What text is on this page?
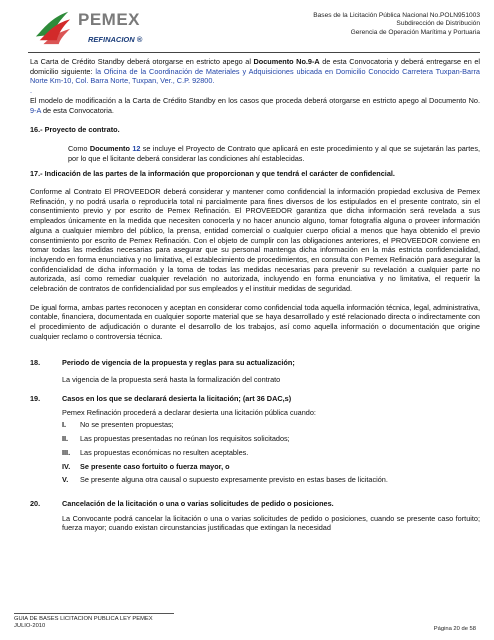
PEMEX
REFINACION ®
Bases de la Licitación Pública Nacional No.POLN951003
Subdirección de Distribución
Gerencia de Operación Marítima y Portuaria

La Carta de Crédito Standby deberá otorgarse en estricto apego al Documento No.9-A de esta Convocatoria y deberá entregarse en el domicilio siguiente: la Oficina de la Coordinación de Materiales y Adquisiciones ubicada en Domicilio Conocido Carretera Tuxpan-Barra Norte Km-10, Col. Barra Norte, Tuxpan, Ver., C.P. 92800.
.

El modelo de modificación a la Carta de Crédito Standby en los casos que proceda deberá otorgarse en estricto apego al Documento No. 9-A de esta Convocatoria.

16.- Proyecto de contrato.

Como Documento 12 se incluye el Proyecto de Contrato que aplicará en este procedimiento y al que se sujetarán las partes, por lo que el licitante deberá considerar las condiciones ahí establecidas.

17.- Indicación de las partes de la información que proporcionan y que tendrá el carácter de confidencial.

Conforme al Contrato El PROVEEDOR deberá considerar y mantener como confidencial la información propiedad exclusiva de Pemex Refinación, y no podrá usarla o reproducirla total ni parcialmente para fines diversos de los estipulados en el presente contrato, sin el consentimiento previo y por escrito de Pemex Refinación. El PROVEEDOR garantiza que dicha información será revelada a sus empleados únicamente en la medida que necesiten conocerla y no hacer anuncio alguno, tomar fotografía alguna o proveer información alguna a cualquier miembro del público, la prensa, entidad comercial o cualquier cuerpo oficial a menos que haya obtenido el previo consentimiento por escrito de Pemex Refinación. Con el objeto de cumplir con las obligaciones anteriores, el PROVEEDOR conviene en tomar todas las medidas necesarias para asegurar que su personal mantenga dicha información en la más estricta confidencialidad, incluyendo en forma enunciativa y no limitativa, el establecimiento de procedimientos, en consulta con Pemex Refinación para asegurar la confidencialidad de dicha información y la toma de todas las medidas necesarias para prevenir su revelación a cualquier parte no autorizada, así como remediar cualquier revelación no autorizada, incluyendo en forma enunciativa y no limitativa, el requerir la celebración de contratos de confidencialidad por sus empleados y el instituir medidas de seguridad.

De igual forma, ambas partes reconocen y aceptan en considerar como confidencial toda aquella información técnica, legal, administrativa, contable, financiera, documentada en cualquier soporte material que se haya desarrollado y esté relacionado directa o indirectamente con el procedimiento de adjudicación o durante el desarrollo de los trabajos, así como aquella información o documentación que origine cualquier reclamo o controversia técnica.

18.	Periodo de vigencia de la propuesta y reglas para su actualización;

La vigencia de la propuesta será hasta la formalización del contrato

19.	Casos en los que se declarará desierta la licitación; (art 36 DAC,s)

Pemex Refinación procederá a declarar desierta una licitación pública cuando:

I.	No se presenten propuestas;
II.	Las propuestas presentadas no reúnan los requisitos solicitados;
III.	Las propuestas económicas no resulten aceptables.
IV.	Se presente caso fortuito o fuerza mayor, o
V.	Se presente alguna otra causal o supuesto expresamente previsto en estas bases de licitación.
20.	Cancelación de la licitación o una o varias solicitudes de pedido o posiciones.

La Convocante podrá cancelar la licitación o una o varias solicitudes de pedido o posiciones, cuando se presente caso fortuito; fuerza mayor; cuando existan circunstancias justificadas que extingan la necesidad

GUIA DE BASES LICITACION PUBLICA LEY PEMEX
JULIO-2010	Página 20 de 58
